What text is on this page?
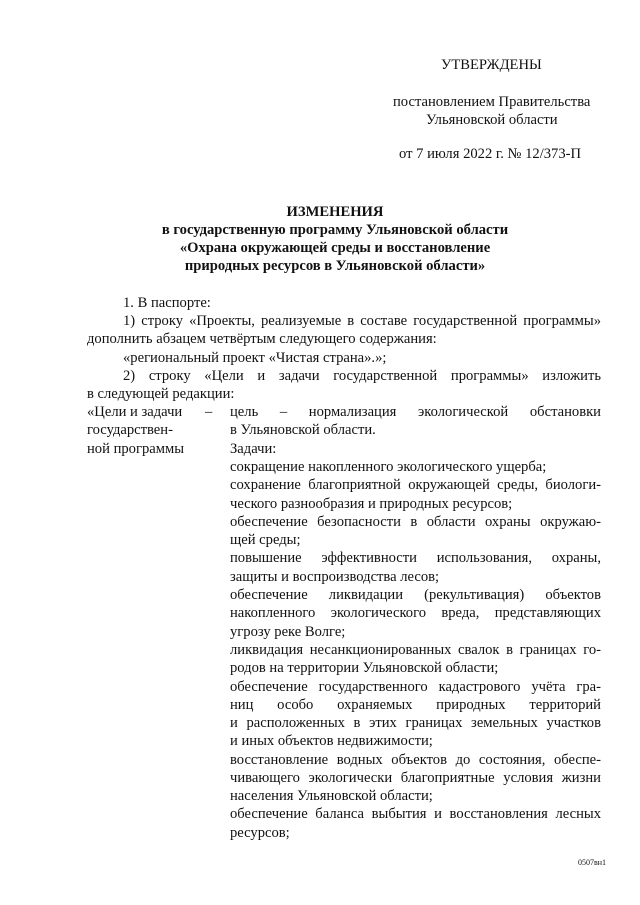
УТВЕРЖДЕНЫ
постановлением Правительства
Ульяновской области
от 7 июля 2022 г. № 12/373-П
ИЗМЕНЕНИЯ
в государственную программу Ульяновской области
«Охрана окружающей среды и восстановление
природных ресурсов в Ульяновской области»
1. В паспорте:
1) строку «Проекты, реализуемые в составе государственной программы»
дополнить абзацем четвёртым следующего содержания:
«региональный проект «Чистая страна».»;
2) строку «Цели и задачи государственной программы» изложить
в следующей редакции:
«Цели и задачи
государствен-
ной программы
– цель – нормализация экологической обстановки
в Ульяновской области.
Задачи:
сокращение накопленного экологического ущерба;
сохранение благоприятной окружающей среды, биологи-
ческого разнообразия и природных ресурсов;
обеспечение безопасности в области охраны окружаю-
щей среды;
повышение эффективности использования, охраны,
защиты и воспроизводства лесов;
обеспечение ликвидации (рекультивация) объектов
накопленного экологического вреда, представляющих
угрозу реке Волге;
ликвидация несанкционированных свалок в границах го-
родов на территории Ульяновской области;
обеспечение государственного кадастрового учёта гра-
ниц особо охраняемых природных территорий
и расположенных в этих границах земельных участков
и иных объектов недвижимости;
восстановление водных объектов до состояния, обеспе-
чивающего экологически благоприятные условия жизни
населения Ульяновской области;
обеспечение баланса выбытия и восстановления лесных
ресурсов;
0507вн1
